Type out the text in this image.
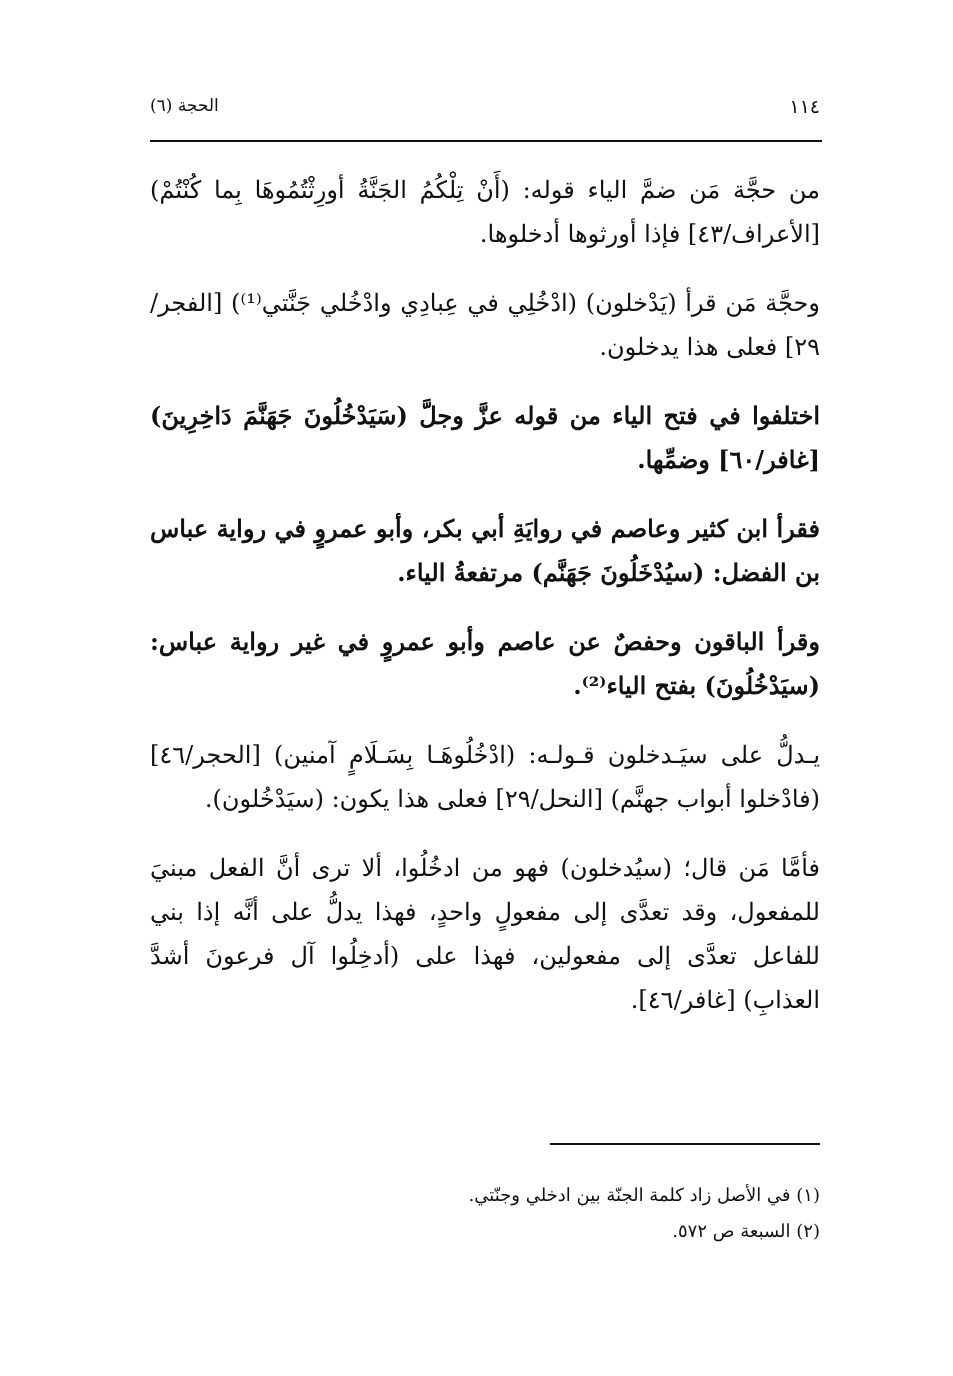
١١٤
الحجة (٦)

من حجَّة مَن ضمَّ الياء قوله: (أَنْ تِلْكُمُ الجَنَّةُ أورِثْتُمُوهَا بِما كُنْتُمْ) [الأعراف/٤٣] فإذا أورثوها أدخلوها.

وحجَّة مَن قرأ (يَدْخلون) (ادْخُلِي في عِبادِي وادْخُلي جَنَّتي⁽¹⁾) [الفجر/٢٩] فعلى هذا يدخلون.

اختلفوا في فتح الياء من قوله عزَّ وجلَّ (سَيَدْخُلُونَ جَهَنَّمَ دَاخِرِينَ) [غافر/٦٠] وضمِّها.

فقرأ ابن كثير وعاصم في روايَةِ أبي بكر، وأبو عمروٍ في رواية عباس بن الفضل: (سيُدْخَلُونَ جَهَنَّم) مرتفعةُ الياء.

وقرأ الباقون وحفصٌ عن عاصم وأبو عمروٍ في غير رواية عباس: (سيَدْخُلُونَ) بفتح الياء⁽²⁾.

يـدلُّ على سيَـدخلون قـولـه: (ادْخُلُوهَـا بِسَـلَامٍ آمنين) [الحجر/٤٦] (فادْخلوا أبواب جهنَّم) [النحل/٢٩] فعلى هذا يكون: (سيَدْخُلون).

فأمَّا مَن قال؛ (سيُدخلون) فهو من ادخُلُوا، ألا ترى أنَّ الفعل مبنيَ للمفعول، وقد تعدَّى إلى مفعولٍ واحدٍ، فهذا يدلُّ على أنَّه إذا بني للفاعل تعدَّى إلى مفعولين، فهذا على (أدخِلُوا آل فرعونَ أشدَّ العذابِ) [غافر/٤٦].

(١) في الأصل زاد كلمة الجنّة بين ادخلي وجنّتي.

(٢) السبعة ص ٥٧٢.
